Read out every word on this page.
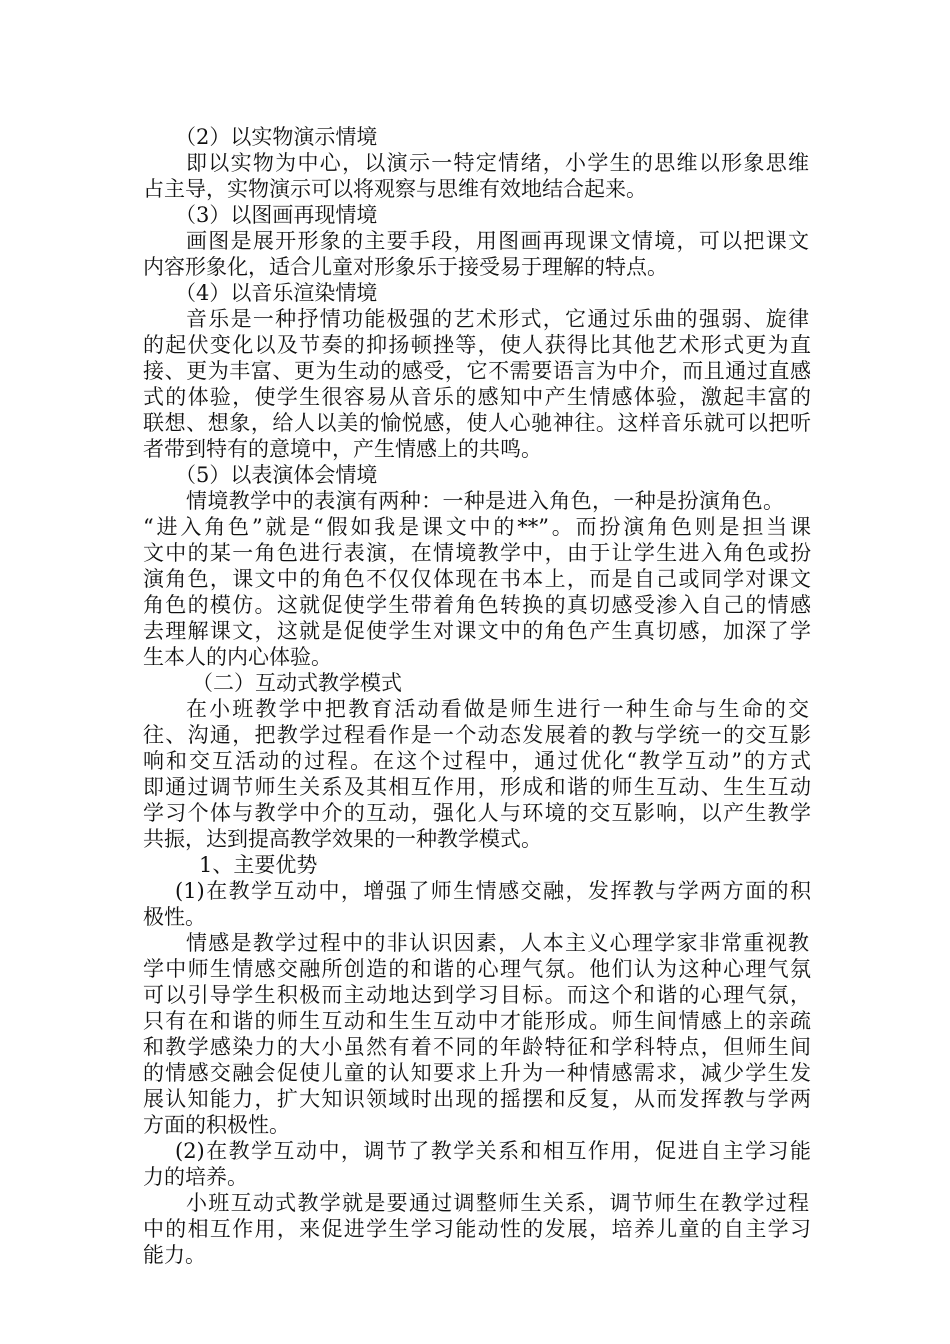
（2）以实物演示情境
即以实物为中心，以演示一特定情绪，小学生的思维以形象思维
占主导，实物演示可以将观察与思维有效地结合起来。
（3）以图画再现情境
画图是展开形象的主要手段，用图画再现课文情境，可以把课文
内容形象化，适合儿童对形象乐于接受易于理解的特点。
（4）以音乐渲染情境
音乐是一种抒情功能极强的艺术形式，它通过乐曲的强弱、旋律
的起伏变化以及节奏的抑扬顿挫等，使人获得比其他艺术形式更为直
接、更为丰富、更为生动的感受，它不需要语言为中介，而且通过直感
式的体验，使学生很容易从音乐的感知中产生情感体验，激起丰富的
联想、想象，给人以美的愉悦感，使人心驰神往。这样音乐就可以把听
者带到特有的意境中，产生情感上的共鸣。
（5）以表演体会情境
情境教学中的表演有两种：一种是进入角色，一种是扮演角色。
“进入角色”就是“假如我是课文中的**”。而扮演角色则是担当课
文中的某一角色进行表演，在情境教学中，由于让学生进入角色或扮
演角色，课文中的角色不仅仅体现在书本上，而是自己或同学对课文
角色的模仿。这就促使学生带着角色转换的真切感受渗入自己的情感
去理解课文，这就是促使学生对课文中的角色产生真切感，加深了学
生本人的内心体验。
（二）互动式教学模式
在小班教学中把教育活动看做是师生进行一种生命与生命的交
往、沟通，把教学过程看作是一个动态发展着的教与学统一的交互影
响和交互活动的过程。在这个过程中，通过优化“教学互动”的方式
即通过调节师生关系及其相互作用，形成和谐的师生互动、生生互动
学习个体与教学中介的互动，强化人与环境的交互影响，以产生教学
共振，达到提高教学效果的一种教学模式。
1、主要优势
(1)在教学互动中，增强了师生情感交融，发挥教与学两方面的积
极性。
情感是教学过程中的非认识因素，人本主义心理学家非常重视教
学中师生情感交融所创造的和谐的心理气氛。他们认为这种心理气氛
可以引导学生积极而主动地达到学习目标。而这个和谐的心理气氛，
只有在和谐的师生互动和生生互动中才能形成。师生间情感上的亲疏
和教学感染力的大小虽然有着不同的年龄特征和学科特点，但师生间
的情感交融会促使儿童的认知要求上升为一种情感需求，减少学生发
展认知能力，扩大知识领域时出现的摇摆和反复，从而发挥教与学两
方面的积极性。
(2)在教学互动中，调节了教学关系和相互作用，促进自主学习能
力的培养。
小班互动式教学就是要通过调整师生关系，调节师生在教学过程
中的相互作用，来促进学生学习能动性的发展，培养儿童的自主学习
能力。
